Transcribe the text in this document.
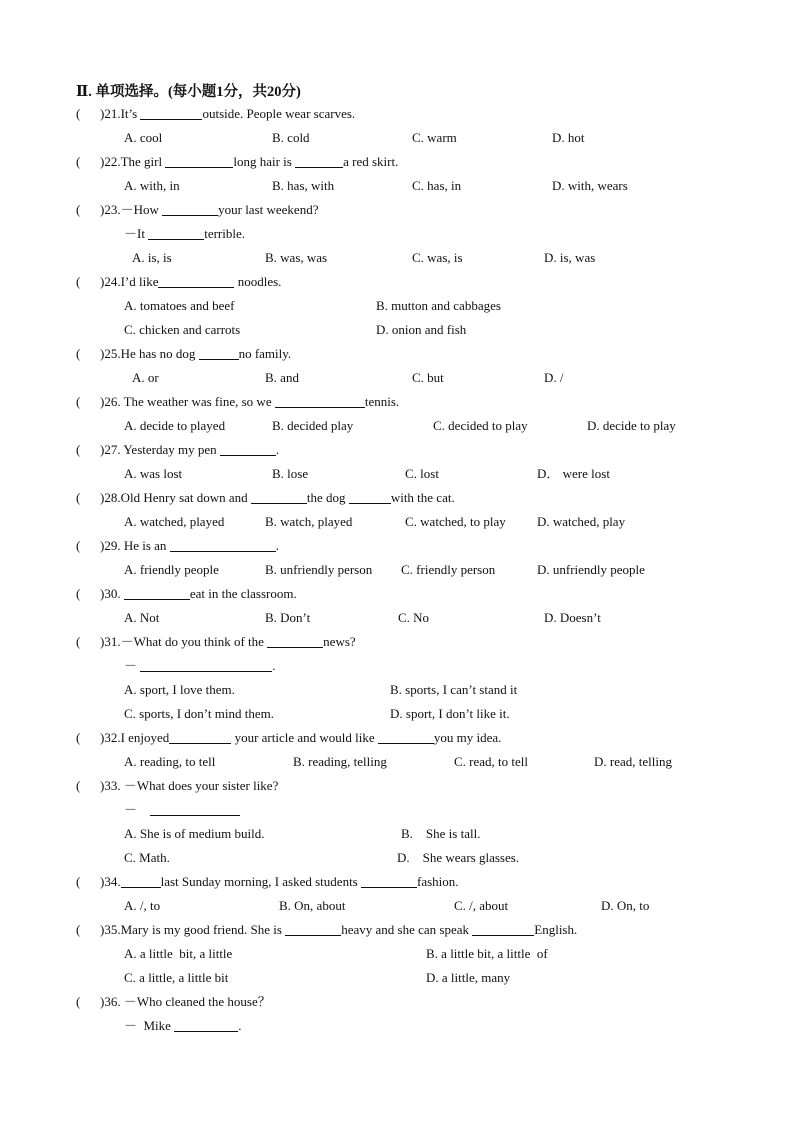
Ⅱ. 单项选择。(每小题1分，共20分)
( )21.It’s	outside. People wear scarves.
A. cool	B. cold	C. warm	D. hot
( )22.The girl	long hair is	a red skirt.
A. with, in	B. has, with	C. has, in	D. with, wears
( )23.－How	your last weekend?
－It	terrible.
A. is, is	B. was, was	C. was, is	D. is, was
( )24.I’d like	noodles.
A. tomatoes and beef	B. mutton and cabbages
C. chicken and carrots	D. onion and fish
( )25.He has no dog	no family.
A. or	B. and	C. but	D. /
( )26. The weather was fine, so we	tennis.
A. decide to played	B. decided play	C. decided to play	D. decide to play
( )27. Yesterday my pen	.
A. was lost	B. lose	C. lost	D． were lost
( )28.Old Henry sat down and	the dog	with the cat.
A. watched, played	B. watch, played	C. watched, to play D. watched, play
( )29. He is an	.
A. friendly people	B. unfriendly person C. friendly person	D. unfriendly people
( )30.	eat in the classroom.
A. Not	B. Don’t	C. No	D. Doesn’t
( )31.－What do you think of the	news?
－	.
A. sport, I love them.	B. sports, I can’t stand it
C. sports, I don’t mind them.	D. sport, I don’t like it.
( )32.I enjoyed	your article and would like	you my idea.
A. reading, to tell	B. reading, telling	C. read, to tell	D. read, telling
( )33. －What does your sister like?
－
A. She is of medium build.	B.    She is tall.
C. Math.	D.    She wears glasses.
( )34.	last Sunday morning, I asked students	fashion.
A. /, to	B. On, about	C. /, about	D. On, to
( )35.Mary is my good friend. She is	heavy and she can speak	English.
A. a little  bit, a little	B. a little bit, a little  of
C. a little, a little bit	D. a little, many
( )36. －Who cleaned the house？
－  Mike	.
